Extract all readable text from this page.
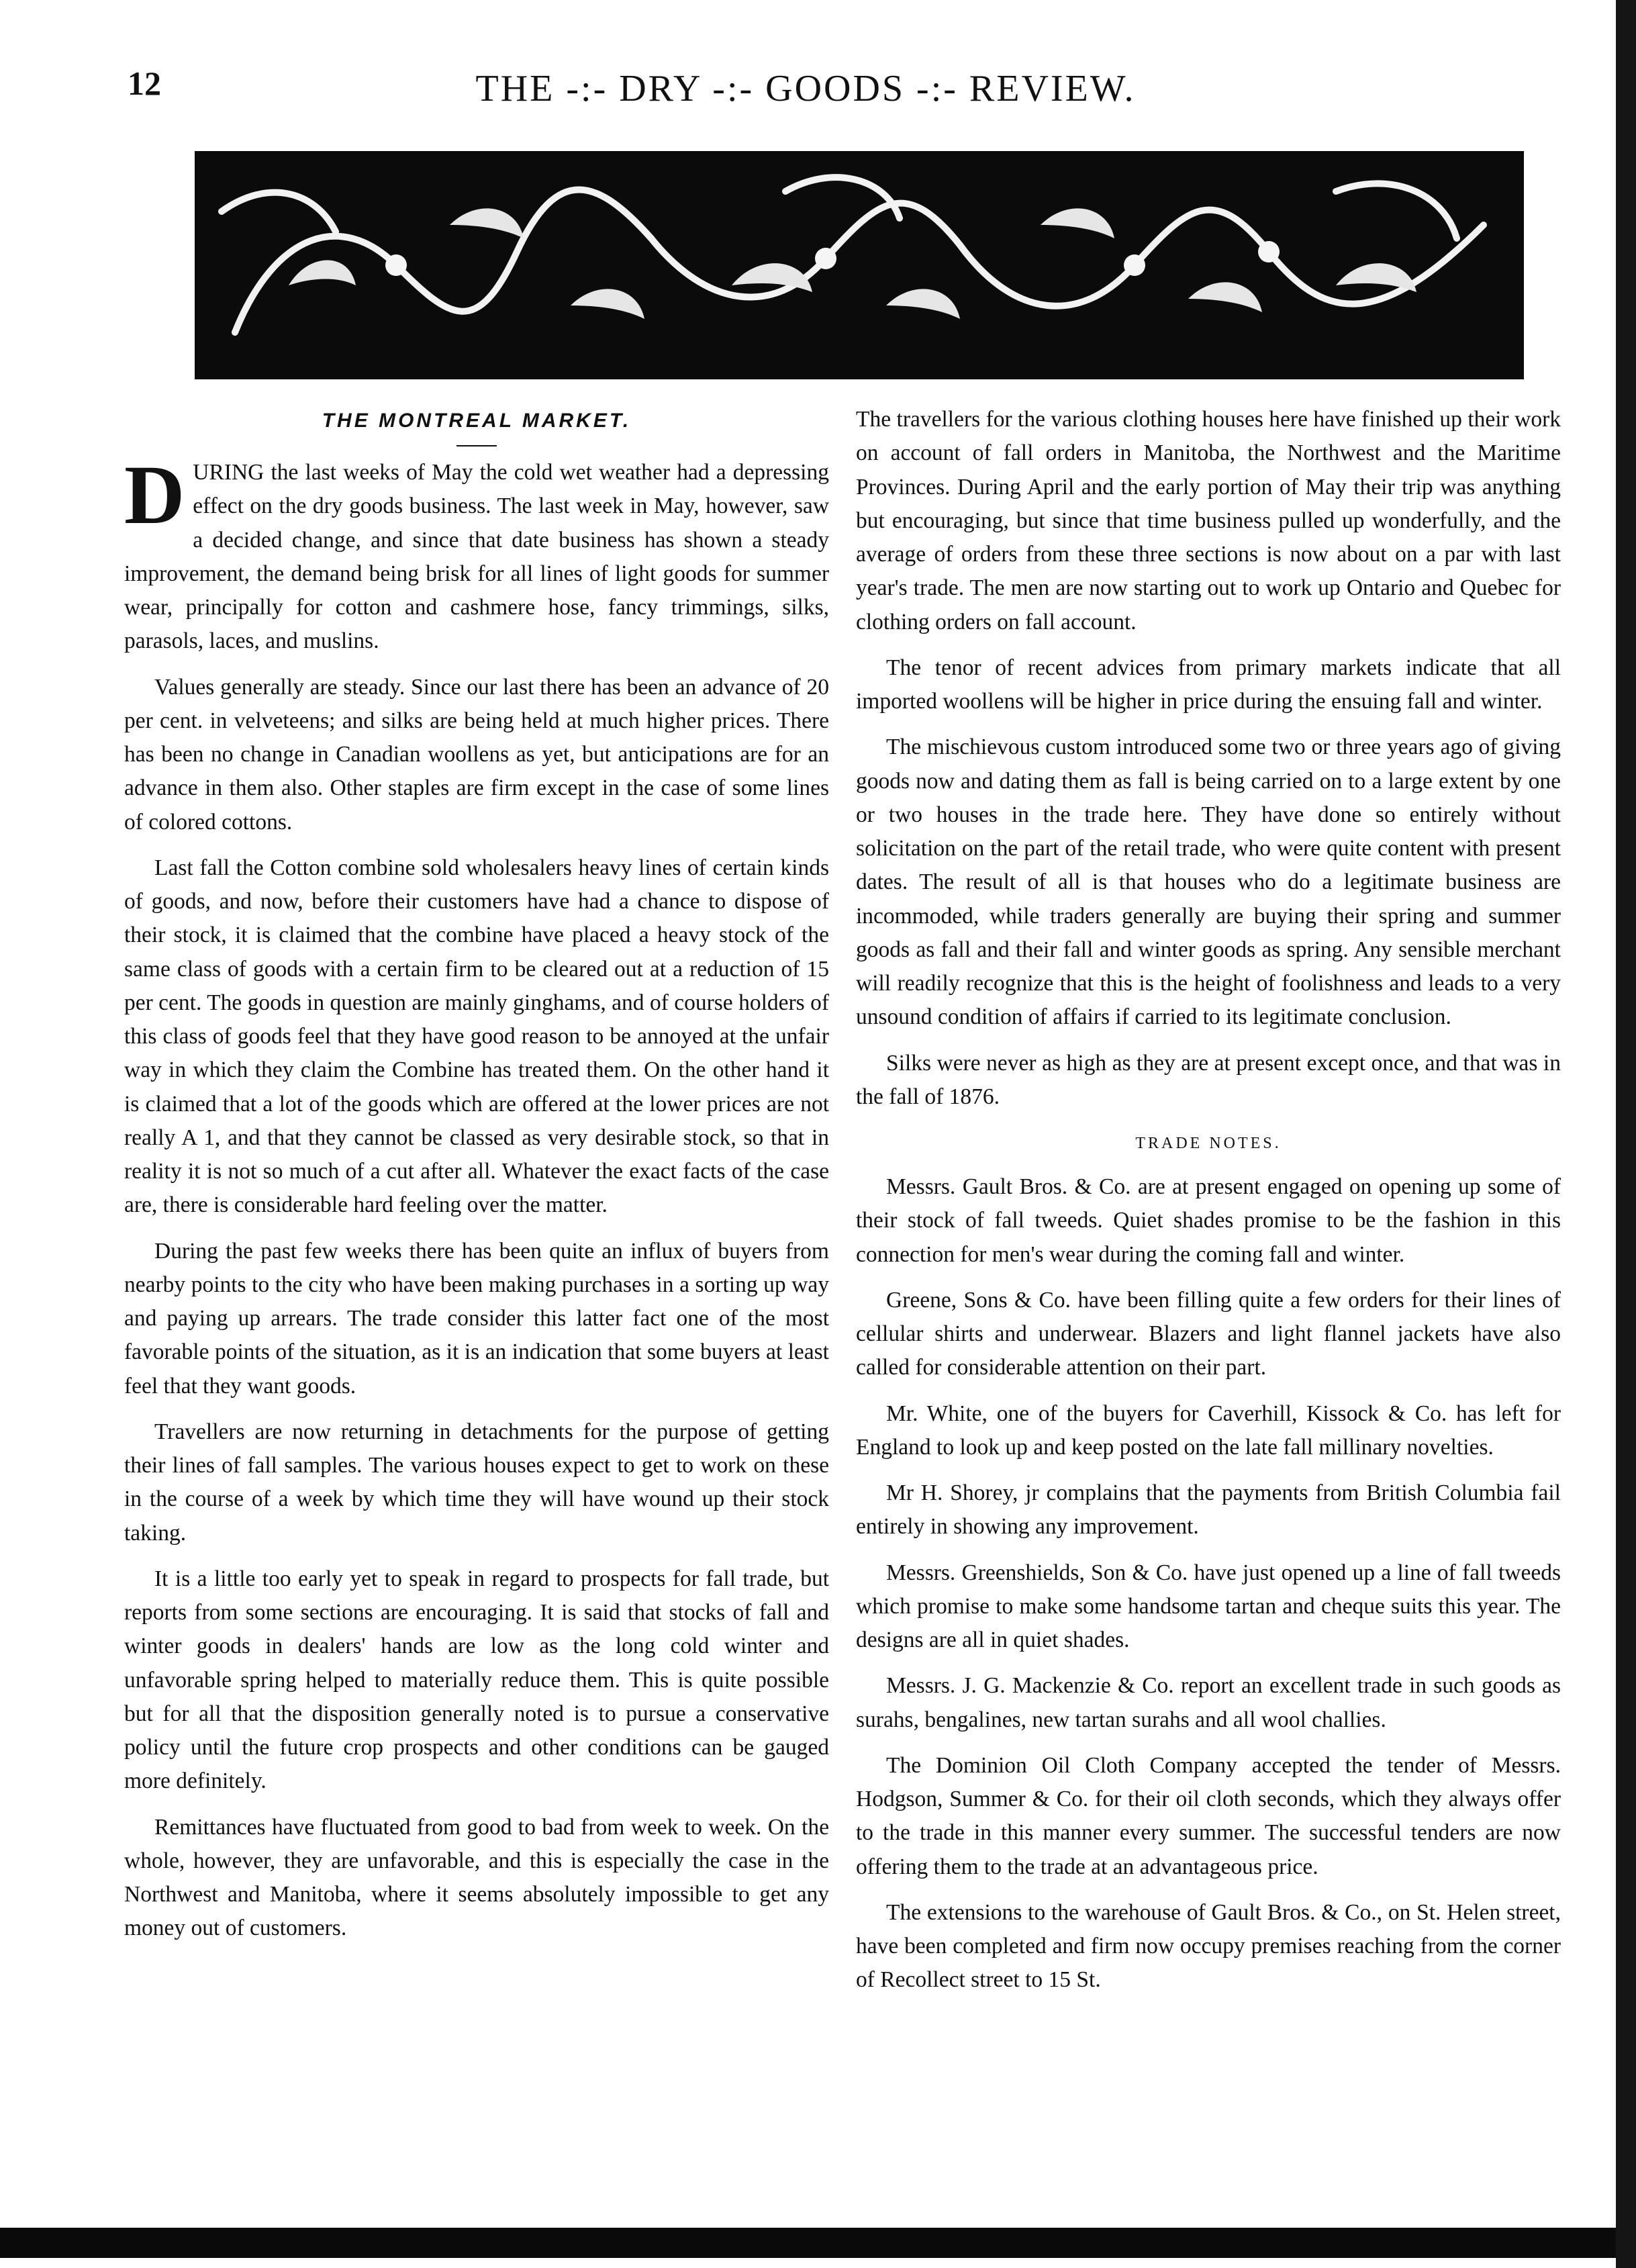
12	THE -:- DRY -:- GOODS -:- REVIEW.
THE MONTREAL MARKET.

DURING the last weeks of May the cold wet weather had a depressing effect on the dry goods business. The last week in May, however, saw a decided change, and since that date business has shown a steady improvement, the demand being brisk for all lines of light goods for summer wear, principally for cotton and cashmere hose, fancy trimmings, silks, parasols, laces, and muslins.

Values generally are steady. Since our last there has been an advance of 20 per cent. in velveteens; and silks are being held at much higher prices. There has been no change in Canadian woollens as yet, but anticipations are for an advance in them also. Other staples are firm except in the case of some lines of colored cottons.

Last fall the Cotton combine sold wholesalers heavy lines of certain kinds of goods, and now, before their customers have had a chance to dispose of their stock, it is claimed that the combine have placed a heavy stock of the same class of goods with a certain firm to be cleared out at a reduction of 15 per cent. The goods in question are mainly ginghams, and of course holders of this class of goods feel that they have good reason to be annoyed at the unfair way in which they claim the Combine has treated them. On the other hand it is claimed that a lot of the goods which are offered at the lower prices are not really A 1, and that they cannot be classed as very desirable stock, so that in reality it is not so much of a cut after all. Whatever the exact facts of the case are, there is considerable hard feeling over the matter.

During the past few weeks there has been quite an influx of buyers from nearby points to the city who have been making purchases in a sorting up way and paying up arrears. The trade consider this latter fact one of the most favorable points of the situation, as it is an indication that some buyers at least feel that they want goods.

Travellers are now returning in detachments for the purpose of getting their lines of fall samples. The various houses expect to get to work on these in the course of a week by which time they will have wound up their stock taking.

It is a little too early yet to speak in regard to prospects for fall trade, but reports from some sections are encouraging. It is said that stocks of fall and winter goods in dealers' hands are low as the long cold winter and unfavorable spring helped to materially reduce them. This is quite possible but for all that the disposition generally noted is to pursue a conservative policy until the future crop prospects and other conditions can be gauged more definitely.

Remittances have fluctuated from good to bad from week to week. On the whole, however, they are unfavorable, and this is especially the case in the Northwest and Manitoba, where it seems absolutely impossible to get any money out of customers.

The travellers for the various clothing houses here have finished up their work on account of fall orders in Manitoba, the Northwest and the Maritime Provinces. During April and the early portion of May their trip was anything but encouraging, but since that time business pulled up wonderfully, and the average of orders from these three sections is now about on a par with last year's trade. The men are now starting out to work up Ontario and Quebec for clothing orders on fall account.

The tenor of recent advices from primary markets indicate that all imported woollens will be higher in price during the ensuing fall and winter.

The mischievous custom introduced some two or three years ago of giving goods now and dating them as fall is being carried on to a large extent by one or two houses in the trade here. They have done so entirely without solicitation on the part of the retail trade, who were quite content with present dates. The result of all is that houses who do a legitimate business are incommoded, while traders generally are buying their spring and summer goods as fall and their fall and winter goods as spring. Any sensible merchant will readily recognize that this is the height of foolishness and leads to a very unsound condition of affairs if carried to its legitimate conclusion.

Silks were never as high as they are at present except once, and that was in the fall of 1876.

TRADE NOTES.

Messrs. Gault Bros. & Co. are at present engaged on opening up some of their stock of fall tweeds. Quiet shades promise to be the fashion in this connection for men's wear during the coming fall and winter.

Greene, Sons & Co. have been filling quite a few orders for their lines of cellular shirts and underwear. Blazers and light flannel jackets have also called for considerable attention on their part.

Mr. White, one of the buyers for Caverhill, Kissock & Co. has left for England to look up and keep posted on the late fall millinary novelties.

Mr H. Shorey, jr complains that the payments from British Columbia fail entirely in showing any improvement.

Messrs. Greenshields, Son & Co. have just opened up a line of fall tweeds which promise to make some handsome tartan and cheque suits this year. The designs are all in quiet shades.

Messrs. J. G. Mackenzie & Co. report an excellent trade in such goods as surahs, bengalines, new tartan surahs and all wool challies.

The Dominion Oil Cloth Company accepted the tender of Messrs. Hodgson, Summer & Co. for their oil cloth seconds, which they always offer to the trade in this manner every summer. The successful tenders are now offering them to the trade at an advantageous price.

The extensions to the warehouse of Gault Bros. & Co., on St. Helen street, have been completed and firm now occupy premises reaching from the corner of Recollect street to 15 St.
